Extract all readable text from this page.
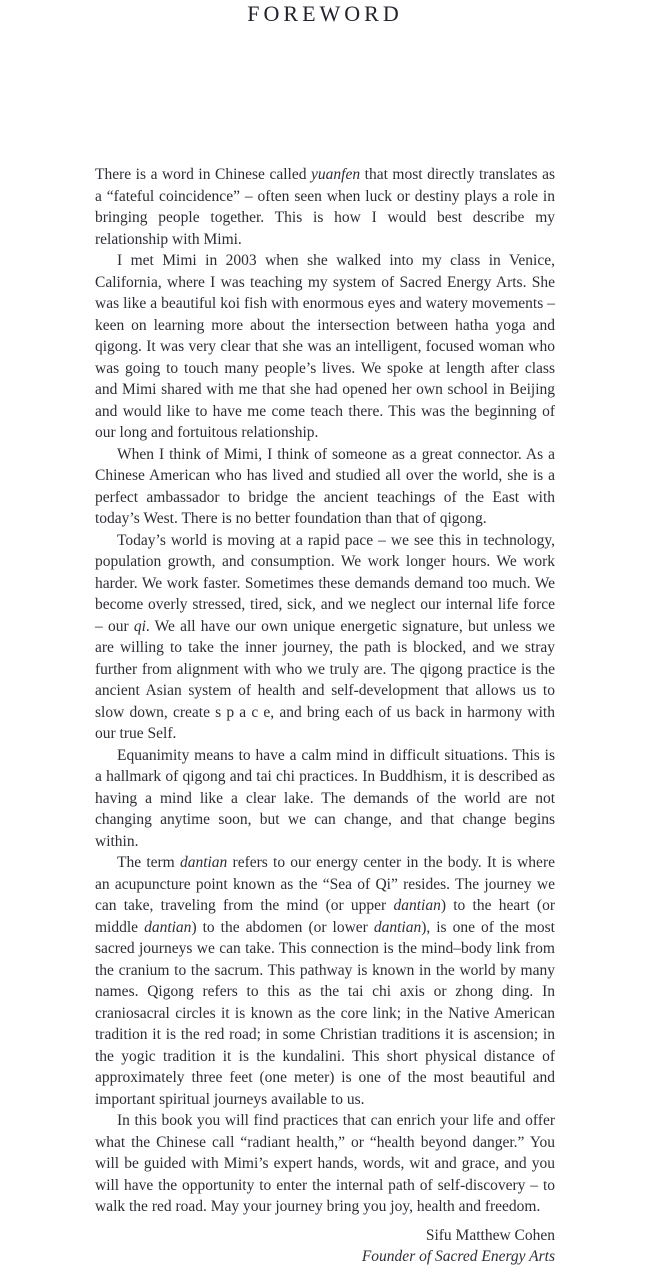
FOREWORD

There is a word in Chinese called yuanfen that most directly translates as a “fateful coincidence” – often seen when luck or destiny plays a role in bringing people together. This is how I would best describe my relationship with Mimi.

I met Mimi in 2003 when she walked into my class in Venice, California, where I was teaching my system of Sacred Energy Arts. She was like a beautiful koi fish with enormous eyes and watery movements – keen on learning more about the intersection between hatha yoga and qigong. It was very clear that she was an intelligent, focused woman who was going to touch many people’s lives. We spoke at length after class and Mimi shared with me that she had opened her own school in Beijing and would like to have me come teach there. This was the beginning of our long and fortuitous relationship.

When I think of Mimi, I think of someone as a great connector. As a Chinese American who has lived and studied all over the world, she is a perfect ambassador to bridge the ancient teachings of the East with today’s West. There is no better foundation than that of qigong.

Today’s world is moving at a rapid pace – we see this in technology, population growth, and consumption. We work longer hours. We work harder. We work faster. Sometimes these demands demand too much. We become overly stressed, tired, sick, and we neglect our internal life force – our qi. We all have our own unique energetic signature, but unless we are willing to take the inner journey, the path is blocked, and we stray further from alignment with who we truly are. The qigong practice is the ancient Asian system of health and self-development that allows us to slow down, create s p a c e, and bring each of us back in harmony with our true Self.

Equanimity means to have a calm mind in difficult situations. This is a hallmark of qigong and tai chi practices. In Buddhism, it is described as having a mind like a clear lake. The demands of the world are not changing anytime soon, but we can change, and that change begins within.

The term dantian refers to our energy center in the body. It is where an acupuncture point known as the “Sea of Qi” resides. The journey we can take, traveling from the mind (or upper dantian) to the heart (or middle dantian) to the abdomen (or lower dantian), is one of the most sacred journeys we can take. This connection is the mind–body link from the cranium to the sacrum. This pathway is known in the world by many names. Qigong refers to this as the tai chi axis or zhong ding. In craniosacral circles it is known as the core link; in the Native American tradition it is the red road; in some Christian traditions it is ascension; in the yogic tradition it is the kundalini. This short physical distance of approximately three feet (one meter) is one of the most beautiful and important spiritual journeys available to us.

In this book you will find practices that can enrich your life and offer what the Chinese call “radiant health,” or “health beyond danger.” You will be guided with Mimi’s expert hands, words, wit and grace, and you will have the opportunity to enter the internal path of self-discovery – to walk the red road. May your journey bring you joy, health and freedom.

Sifu Matthew Cohen
Founder of Sacred Energy Arts
